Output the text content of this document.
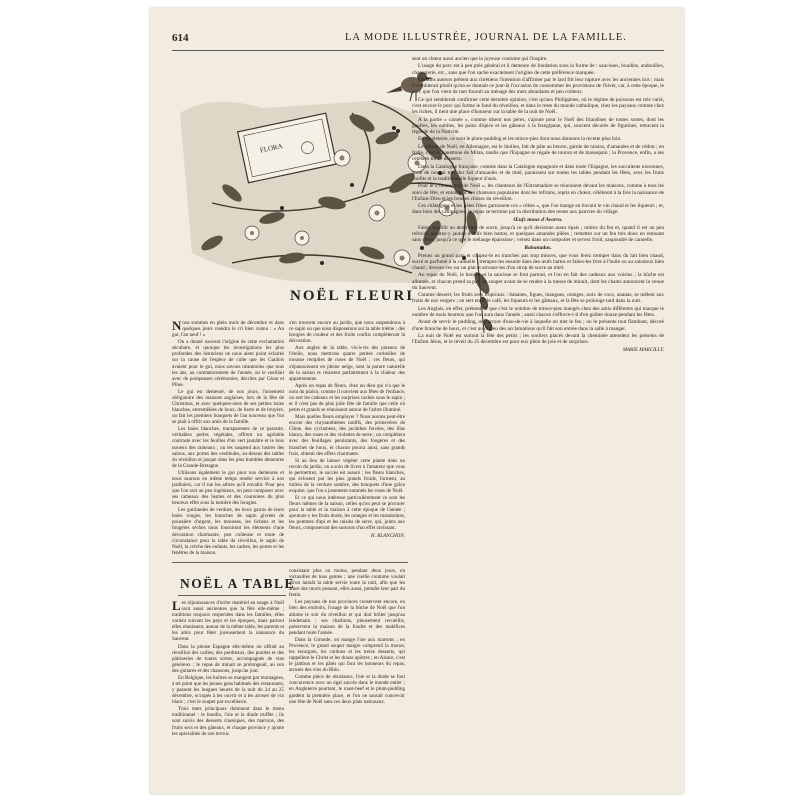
614	LA MODE ILLUSTRÉE, JOURNAL DE LA FAMILLE.
FLORA
NOËL FLEURI

Nous sommes en plein mois de décembre et dans quelques jours viendra le cri bien connu : « Au gui, l'an neuf ! »

On a donné souvent l'origine de cette exclamation séculaire, et quoique les investigations les plus profondes des historiens ne nous aient point éclairés sur la cause de l'espèce de culte que les Gaulois avaient pour le gui, nous savons néanmoins que tous les ans, au commencement de l'année, on le cueillait avec de pompeuses cérémonies, décrites par César et Pline.

Le gui est demeuré, de nos jours, l'ornement obligatoire des maisons anglaises, lors de la fête de Christmas, et avec quelques-unes de ses petites baies blanches, entremêlées de houx, de lierre et de bruyère, on fait les premiers bouquets de l'an nouveau que l'on se plaît à offrir aux amis de la famille.

Les baies blanches, transparentes de ce parasite, véritables perles végétales, offrent un agréable contraste avec les feuilles d'un vert jaunâtre et le bois noueux des rameaux ; on les suspend aux lustres des salons, aux portes des vestibules, au-dessus des tables du réveillon et jusque dans les plus humbles demeures de la Grande-Bretagne.

Utilisons également le gui pour nos demeures et nous saurons en même temps rendre service à nos jardiniers, car il tue les arbres qu'il envahit. Pour peu que l'on soit un peu ingénieux, on peut composer avec ses rameaux des lustres et des couronnes du plus heureux effet sous la lumière des bougies.

Les guirlandes de verdure, les houx garnis de leurs baies rouges, les branches de sapin givrées de poussière d'argent, les mousses, les lichens et les fougères sèches nous fourniront les éléments d'une décoration charmante, peu coûteuse et toute de circonstance pour la table du réveillon, le sapin de Noël, la crèche des enfants, les cadres, les portes et les fenêtres de la maison.

s'en trouvent encore au jardin, que nous suspendrons à ce sapin ou que nous disposerons sur la table même ; des bougies de couleur et des fruits confits complèteront la décoration.

Aux angles de la table, vis-à-vis des poteaux de l'étoile, nous mettrons quatre petites corbeilles de mousse remplies de roses de Noël ; ces fleurs, qui s'épanouissent en pleine neige, sont la parure naturelle de la saison et résistent parfaitement à la chaleur des appartements.

Après un repas de fleurs, chez un dieu qui n'a que le nom du plaisir, comme il convient aux fêtes de l'enfance, on sert les cadeaux et les surprises cachés sous le sapin ; et il n'est pas de plus jolie fête de famille que celle où petits et grands se réunissent autour de l'arbre illuminé.

Mais quelles fleurs employer ? Nous aurons peut-être encore des chrysanthèmes tardifs, des primevères de Chine, des cyclamens, des jacinthes forcées, des lilas blancs, des roses et des violettes de serre ; on complètera avec des feuillages persistants, des fougères et des branches de houx, et chacun pourra ainsi, sans grands frais, obtenir des effets charmants.

Si au lieu de laisser végéter cette plante dans un recoin du jardin, on a soin de livrer à l'amateur que vous le permettrez, le succès est assuré ; les fleurs blanches, qui éclosent par les plus grands froids, forment, au milieu de la verdure sombre, des bouquets d'une grâce exquise, que l'on a justement nommés les roses de Noël.

Et ce qui nous intéresse particulièrement ce sont les fleurs mêmes de la saison, celles qu'on peut se procurer pour la table et la maison à cette époque de l'année ; ajoutons-y les fruits dorés, les oranges et les mandarines, les pommes d'api et les raisins de serre, qui, joints aux fleurs, composeront des surtouts d'un effet ravissant.

H. BLANCHON.
NOËL A TABLE

Les réjouissances d'ordre matériel en usage à Noël sont aussi anciennes que la fête elle-même ; traditions toujours respectées dans les familles, elles varient suivant les pays et les époques, mais partout elles réunissent, autour de la même table, les parents et les amis pour fêter joyeusement la naissance du Sauveur.

Dans la pieuse Espagne elle-même on offrait au réveillon des cailles, des perdreaux, des poulets et des pâtisseries de toutes sortes, accompagnés de vins généreux ; le repas de minuit se prolongeait, au son des guitares et des chansons, jusqu'au jour.

En Belgique, les huîtres se mangent par montagnes, à tel point que les jeunes gens habitués des restaurants, y passent les longues heures de la nuit du 24 au 25 décembre, occupés à les ouvrir et à les arroser de vin blanc ; c'est le souper par excellence.

Trois mets principaux dominent dans le menu traditionnel : le boudin, l'oie et la dinde truffée ; ils sont suivis des desserts classiques, des marrons, des fruits secs et des gâteaux, et chaque province y ajoute les spécialités de son terroir.

consistant plus ou moins, pendant deux jours, en victuailles de tous genres ; une vieille coutume voulait qu'on laissât la table servie toute la nuit, afin que les âmes des morts pussent, elles aussi, prendre leur part du festin.

Les paysans de nos provinces conservent encore, en bien des endroits, l'usage de la bûche de Noël que l'on allume le soir du réveillon et qui doit brûler jusqu'au lendemain ; ses charbons, pieusement recueillis, préservent la maison de la foudre et des maléfices pendant toute l'année.

Dans la Gironde, on mange l'oie aux marrons ; en Provence, le grand souper maigre comprend la morue, les escargots, les cardons et les treize desserts, qui rappellent le Christ et les douze apôtres ; en Alsace, c'est le jambon et les pâtés qui font les honneurs du repas, arrosés des vins du Rhin.

Comme pièce de résistance, l'oie et la dinde se font concurrence avec un égal succès dans le monde entier ; en Angleterre pourtant, le roast-beef et le plum-pudding gardent la première place, et l'on ne saurait concevoir une fête de Noël sans ces deux plats nationaux.

sent un chœur aussi ancien que la joyeuse coutume qui l'inspire.

L'usage du porc est à peu près général et il demeure de fondation sous la forme de : saucisses, boudins, andouilles, charcuterie, etc., sans que l'on sache exactement l'origine de cette préférence marquée.

Certains auteurs prêtent aux chrétiens l'intention d'affirmer par le lard frit leur rupture avec les anciennes lois ; mais il semblerait plutôt qu'on se donnait ce jour-là l'occasion de consommer les provisions de l'hiver, car, à cette époque, le porc que l'on vient de tuer fournit au ménage des mets abondants et peu coûteux.

Ce qui semblerait confirmer cette dernière opinion, c'est qu'aux Philippines, où le régime de poissons est très varié, c'est encore le porc qui forme le fond du réveillon, et dans le reste du monde catholique, chez les paysans comme chez les riches, il tient une place d'honneur sur la table de la nuit de Noël.

A la partie « carnée », comme disent nos pères, s'ajoute pour le Noël des friandises de toutes sortes, dont les gaufres, les oublies, les pains d'épice et les gâteaux à la frangipane, qui, souvent décorés de figurines, retracent la légende de la Nativité.

En Angleterre, ce sont le plum-pudding et les mince-pies dont nous donnons la recette plus loin.

Le gâteau de Noël, en Allemagne, est le Stollen, fait de pâte au beurre, garnie de raisins, d'amandes et de cédrat ; en Italie, c'est le panettone de Milan, tandis que l'Espagne se régale de touron et de massepain ; la Provence, enfin, a ses célèbres treize desserts.

Dans la Catalogne française, comme dans la Catalogne espagnole et dans toute l'Espagne, les succulents touronnes, sorte de nougat très dur fait d'amandes et de miel, paraissent sur toutes les tables pendant les fêtes, avec les fruits confits et la traditionnelle liqueur d'anis.

Pour le « bonne nuit de Noël », les chanteurs de l'Estramadure se réunissent devant les maisons, comme à tous les soirs de fête, et entonnent des chansons populaires dont les refrains, repris en chœur, célèbrent à la fois la naissance de l'Enfant-Dieu et les bonnes choses du réveillon.

Ces châtaignes et les pâtes frites garnissent ces « rôties », que l'on mange en buvant le vin chaud et les liqueurs ; et, dans bien des campagnes, le repas se termine par la distribution des restes aux pauvres du village.

Œufs mous d'Avorro.

Faites bouillir au demi-litre de sucre, jusqu'à ce qu'il devienne assez épais ; retirez du feu et, quand il est un peu refroidi, ajoutez-y jaunes d'œufs bien battus, et quelques amandes pilées ; remettez sur un feu très doux en remuant sans cesse, jusqu'à ce que le mélange épaississe ; versez dans un compotier et servez froid, saupoudré de cannelle.

Rabanadas.

Prenez un grand pain et coupez-le en tranches pas trop minces, que vous ferez tremper dans du lait bien chaud, sucré et parfumé à la cannelle ; trempez-les ensuite dans des œufs battus et faites-les frire à l'huile ou au saindoux bien chaud ; dressez-les sur un plat et arrosez-les d'un sirop de sucre au miel.

Au repas de Noël, le boudin et la saucisse se font partout, et l'on en fait des cadeaux aux voisins ; la bûche est allumée, et chacun prend sa part du souper avant de se rendre à la messe de minuit, dont les chants annoncent la venue du Sauveur.

Comme dessert, les fruits secs tropicaux : bananes, figues, mangues, oranges, noix de coco, ananas, se mêlent aux fruits de nos vergers ; on sert enfin le café, les liqueurs et les gâteaux, et la fête se prolonge tard dans la nuit.

Les Anglais, en effet, prétendent que c'est le nombre de mince-pies mangés chez des amis différents qui marque le nombre de mois heureux que l'on aura dans l'année ; aussi chacun s'efforce-t-il d'en goûter douze pendant les fêtes.

Avant de servir le pudding, on l'arrose d'eau-de-vie à laquelle on met le feu ; on le présente tout flambant, décoré d'une branche de houx, et c'est au milieu des acclamations qu'il fait son entrée dans la salle à manger.

La nuit de Noël est surtout la fête des petits ; les souliers placés devant la cheminée attendent les présents de l'Enfant Jésus, et le réveil du 25 décembre est pour eux plein de joie et de surprises.

MARIE MARCILLY.
